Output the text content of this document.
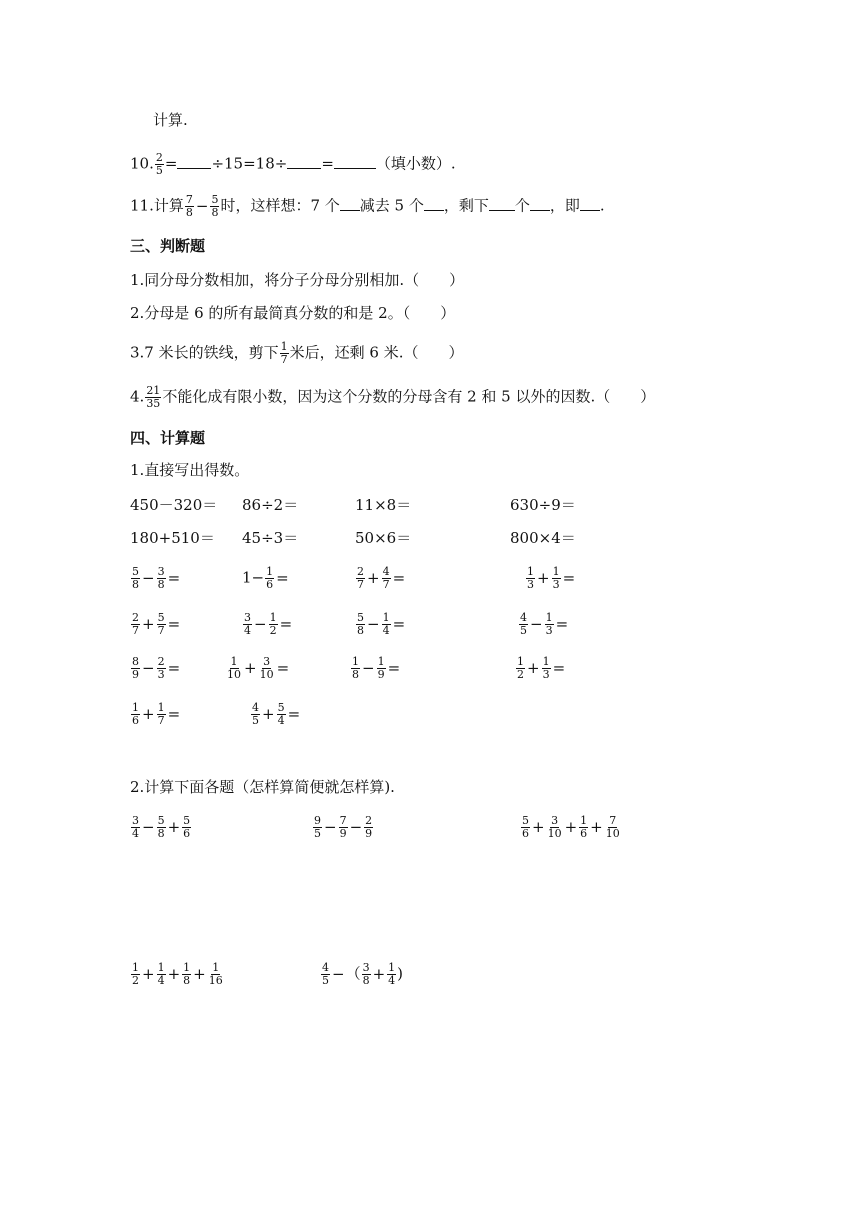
计算.
10. $\frac{2}{5} = \div 15=18\div$ =	（填小数）.
11.计算 $\frac{7}{8} - \frac{5}{8}$ 时，这样想：7 个 减去 5 个 ，剩下 个 ，即 .
三、判断题
1.同分母分数相加，将分子分母分别相加.（　　）
2.分母是 6 的所有最简真分数的和是 2。（　　）
3.7 米长的铁线，剪下 $\frac{1}{7}$ 米后，还剩 6 米.（　　）
4. $\frac{21}{35}$ 不能化成有限小数，因为这个分数的分母含有 2 和 5 以外的因数.（　　）
四、计算题
1.直接写出得数。
450－320＝ 86÷2＝	11×8＝	630÷9＝
180+510＝ 45÷3＝	50×6＝	800×4＝
$\frac{5}{8} - \frac{3}{8}$ =	$1- \frac{1}{6}$ =	$\frac{2}{7} + \frac{4}{7}$ =	$\frac{1}{3} + \frac{1}{3}$ =
$\frac{2}{7} + \frac{5}{7}$ =	$\frac{3}{4} - \frac{1}{2}$ =	$\frac{5}{8} - \frac{1}{4}$ =	$\frac{4}{5} - \frac{1}{3}$ =
$\frac{8}{9} - \frac{2}{3}$ =	$\frac{1}{10} + \frac{3}{10}$ =	$\frac{1}{8} - \frac{1}{9}$ =	$\frac{1}{2} + \frac{1}{3}$ =
$\frac{1}{6} + \frac{1}{7}$ =	$\frac{4}{5} + \frac{5}{4}$ =
2.计算下面各题（怎样算简便就怎样算).
$\frac{3}{4} - \frac{5}{8} + \frac{5}{6}$	$\frac{9}{5} - \frac{7}{9} - \frac{2}{9}$	$\frac{5}{6} + \frac{3}{10} + \frac{1}{6} + \frac{7}{10}$
$\frac{1}{2} + \frac{1}{4} + \frac{1}{8} + \frac{1}{16}$	$\frac{4}{5}$ −（ $\frac{3}{8} + \frac{1}{4}$ )
